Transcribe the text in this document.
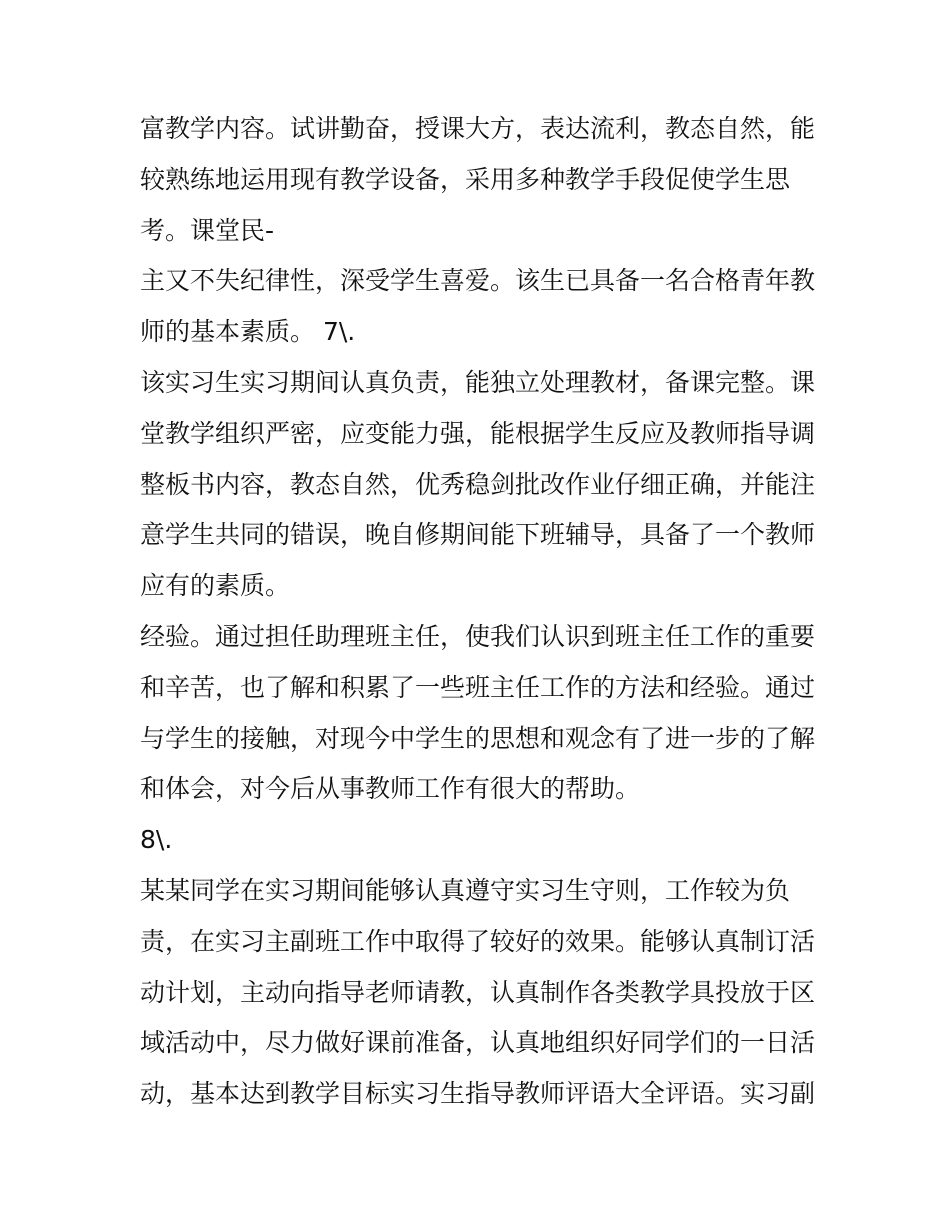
富教学内容。试讲勤奋，授课大方，表达流利，教态自然，能
较熟练地运用现有教学设备，采用多种教学手段促使学生思
考。课堂民-
主又不失纪律性，深受学生喜爱。该生已具备一名合格青年教
师的基本素质。 7\.
该实习生实习期间认真负责，能独立处理教材，备课完整。课
堂教学组织严密，应变能力强，能根据学生反应及教师指导调
整板书内容，教态自然，优秀稳剑批改作业仔细正确，并能注
意学生共同的错误，晚自修期间能下班辅导，具备了一个教师
应有的素质。
经验。通过担任助理班主任，使我们认识到班主任工作的重要
和辛苦，也了解和积累了一些班主任工作的方法和经验。通过
与学生的接触，对现今中学生的思想和观念有了进一步的了解
和体会，对今后从事教师工作有很大的帮助。
8\.
某某同学在实习期间能够认真遵守实习生守则，工作较为负
责，在实习主副班工作中取得了较好的效果。能够认真制订活
动计划，主动向指导老师请教，认真制作各类教学具投放于区
域活动中，尽力做好课前准备，认真地组织好同学们的一日活
动，基本达到教学目标实习生指导教师评语大全评语。实习副
